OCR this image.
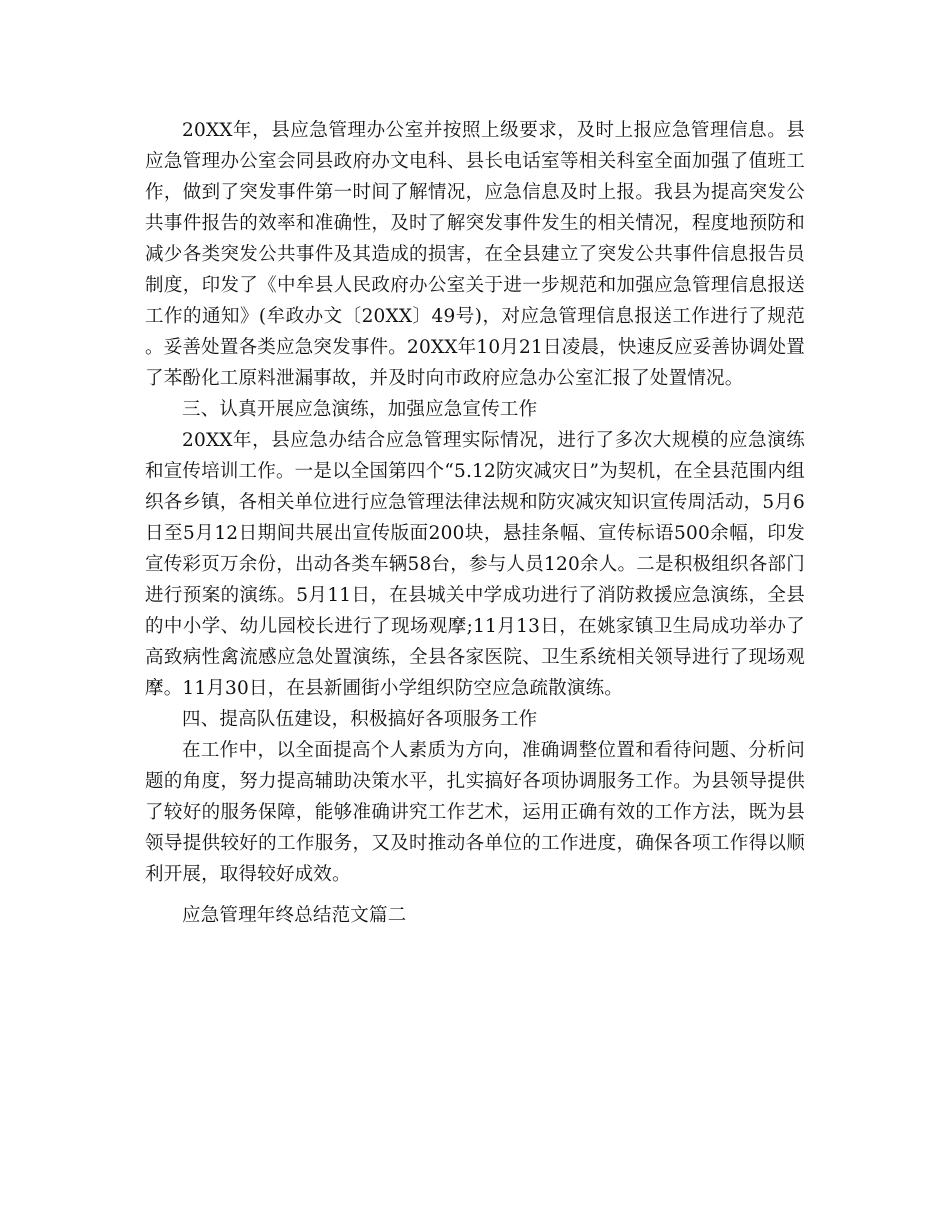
20XX年，县应急管理办公室并按照上级要求，及时上报应急管理信息。县应急管理办公室会同县政府办文电科、县长电话室等相关科室全面加强了值班工作，做到了突发事件第一时间了解情况，应急信息及时上报。我县为提高突发公共事件报告的效率和准确性，及时了解突发事件发生的相关情况，程度地预防和减少各类突发公共事件及其造成的损害，在全县建立了突发公共事件信息报告员制度，印发了《中牟县人民政府办公室关于进一步规范和加强应急管理信息报送工作的通知》(牟政办文〔20XX〕49号)，对应急管理信息报送工作进行了规范。妥善处置各类应急突发事件。20XX年10月21日凌晨，快速反应妥善协调处置了苯酚化工原料泄漏事故，并及时向市政府应急办公室汇报了处置情况。

三、认真开展应急演练，加强应急宣传工作

20XX年，县应急办结合应急管理实际情况，进行了多次大规模的应急演练和宣传培训工作。一是以全国第四个“5.12防灾减灾日”为契机，在全县范围内组织各乡镇，各相关单位进行应急管理法律法规和防灾减灾知识宣传周活动，5月6日至5月12日期间共展出宣传版面200块，悬挂条幅、宣传标语500余幅，印发宣传彩页万余份，出动各类车辆58台，参与人员120余人。二是积极组织各部门进行预案的演练。5月11日，在县城关中学成功进行了消防救援应急演练，全县的中小学、幼儿园校长进行了现场观摩;11月13日，在姚家镇卫生局成功举办了高致病性禽流感应急处置演练，全县各家医院、卫生系统相关领导进行了现场观摩。11月30日，在县新圃街小学组织防空应急疏散演练。

四、提高队伍建设，积极搞好各项服务工作

在工作中，以全面提高个人素质为方向，准确调整位置和看待问题、分析问题的角度，努力提高辅助决策水平，扎实搞好各项协调服务工作。为县领导提供了较好的服务保障，能够准确讲究工作艺术，运用正确有效的工作方法，既为县领导提供较好的工作服务，又及时推动各单位的工作进度，确保各项工作得以顺利开展，取得较好成效。

应急管理年终总结范文篇二
